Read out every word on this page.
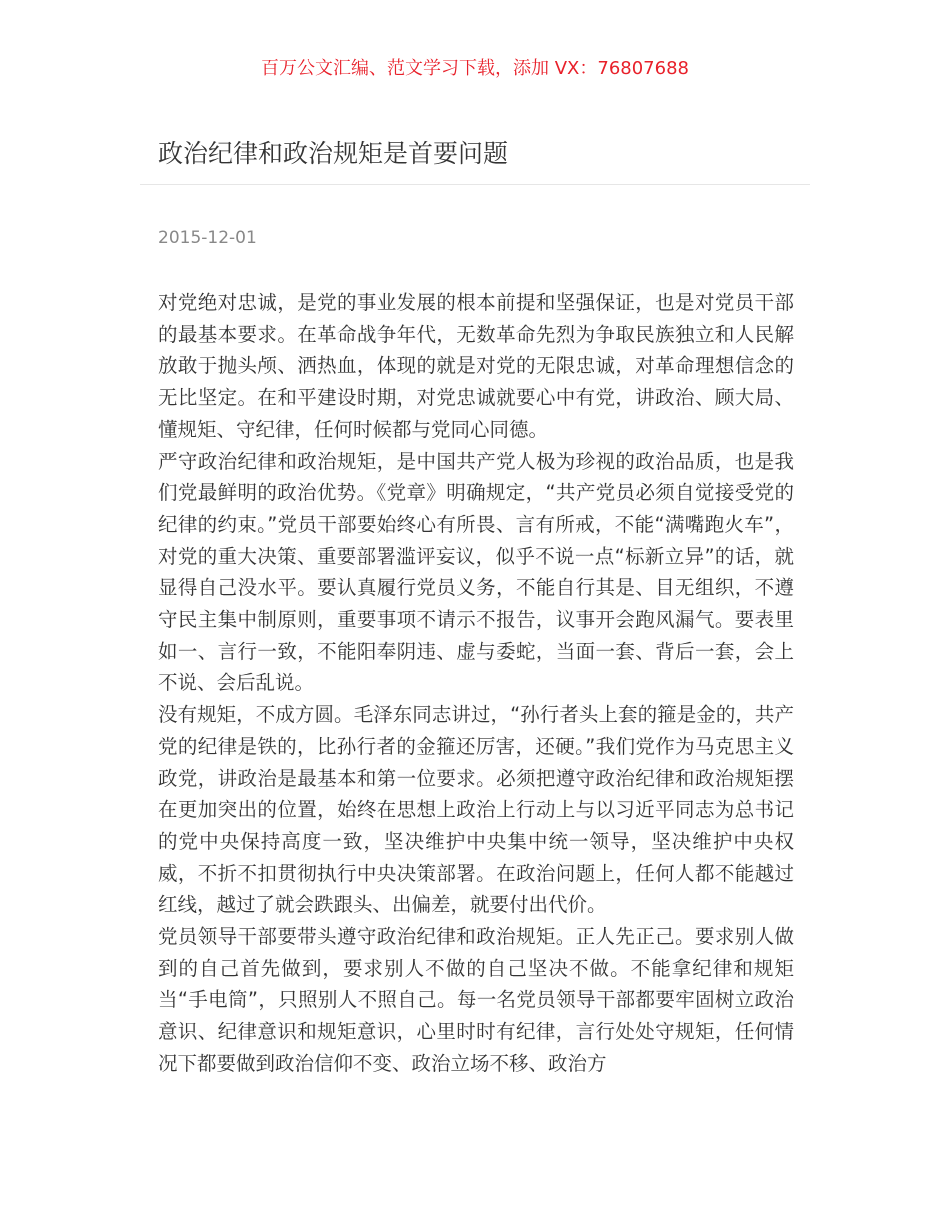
百万公文汇编、范文学习下载，添加 VX：76807688
政治纪律和政治规矩是首要问题
2015-12-01

对党绝对忠诚，是党的事业发展的根本前提和坚强保证，也是对党员干部的最基本要求。在革命战争年代，无数革命先烈为争取民族独立和人民解放敢于抛头颅、洒热血，体现的就是对党的无限忠诚，对革命理想信念的无比坚定。在和平建设时期，对党忠诚就要心中有党，讲政治、顾大局、懂规矩、守纪律，任何时候都与党同心同德。

严守政治纪律和政治规矩，是中国共产党人极为珍视的政治品质，也是我们党最鲜明的政治优势。《党章》明确规定，“共产党员必须自觉接受党的纪律的约束。”党员干部要始终心有所畏、言有所戒，不能“满嘴跑火车”，对党的重大决策、重要部署滥评妄议，似乎不说一点“标新立异”的话，就显得自己没水平。要认真履行党员义务，不能自行其是、目无组织，不遵守民主集中制原则，重要事项不请示不报告，议事开会跑风漏气。要表里如一、言行一致，不能阳奉阴违、虚与委蛇，当面一套、背后一套，会上不说、会后乱说。

没有规矩，不成方圆。毛泽东同志讲过，“孙行者头上套的箍是金的，共产党的纪律是铁的，比孙行者的金箍还厉害，还硬。”我们党作为马克思主义政党，讲政治是最基本和第一位要求。必须把遵守政治纪律和政治规矩摆在更加突出的位置，始终在思想上政治上行动上与以习近平同志为总书记的党中央保持高度一致，坚决维护中央集中统一领导，坚决维护中央权威，不折不扣贯彻执行中央决策部署。在政治问题上，任何人都不能越过红线，越过了就会跌跟头、出偏差，就要付出代价。

党员领导干部要带头遵守政治纪律和政治规矩。正人先正己。要求别人做到的自己首先做到，要求别人不做的自己坚决不做。不能拿纪律和规矩当“手电筒”，只照别人不照自己。每一名党员领导干部都要牢固树立政治意识、纪律意识和规矩意识，心里时时有纪律，言行处处守规矩，任何情况下都要做到政治信仰不变、政治立场不移、政治方
